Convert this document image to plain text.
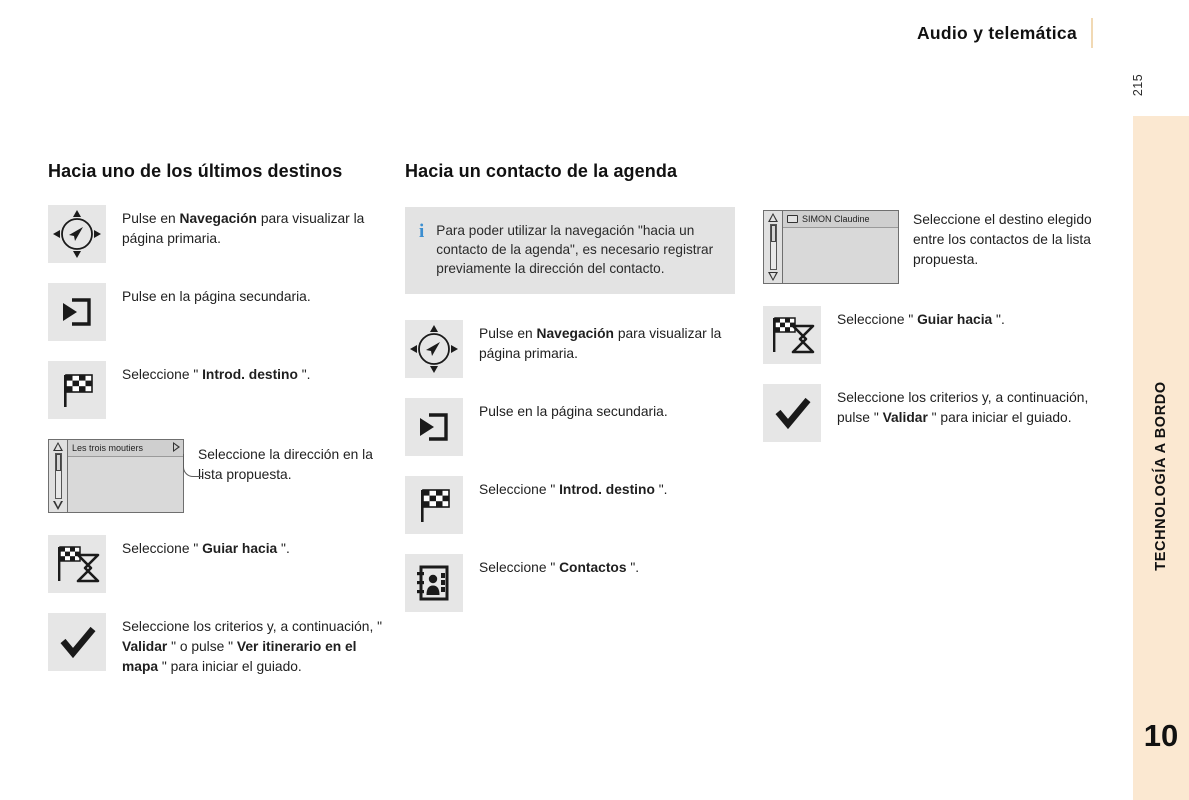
Audio y telemática
215
TECHNOLOGÍA A BORDO
10
Hacia uno de los últimos destinos
Pulse en Navegación para visualizar la página primaria.
Pulse en la página secundaria.
Seleccione " Introd. destino ".
Les trois moutiers	Seleccione la dirección en la lista propuesta.
Seleccione " Guiar hacia ".
Seleccione los criterios y, a continuación, " Validar " o pulse " Ver itinerario en el mapa " para iniciar el guiado.
Hacia un contacto de la agenda
i Para poder utilizar la navegación "hacia un contacto de la agenda", es necesario registrar previamente la dirección del contacto.
Pulse en Navegación para visualizar la página primaria.
Pulse en la página secundaria.
Seleccione " Introd. destino ".
Seleccione " Contactos ".
SIMON Claudine	Seleccione el destino elegido entre los contactos de la lista propuesta.
Seleccione " Guiar hacia ".
Seleccione los criterios y, a continuación, pulse " Validar " para iniciar el guiado.
